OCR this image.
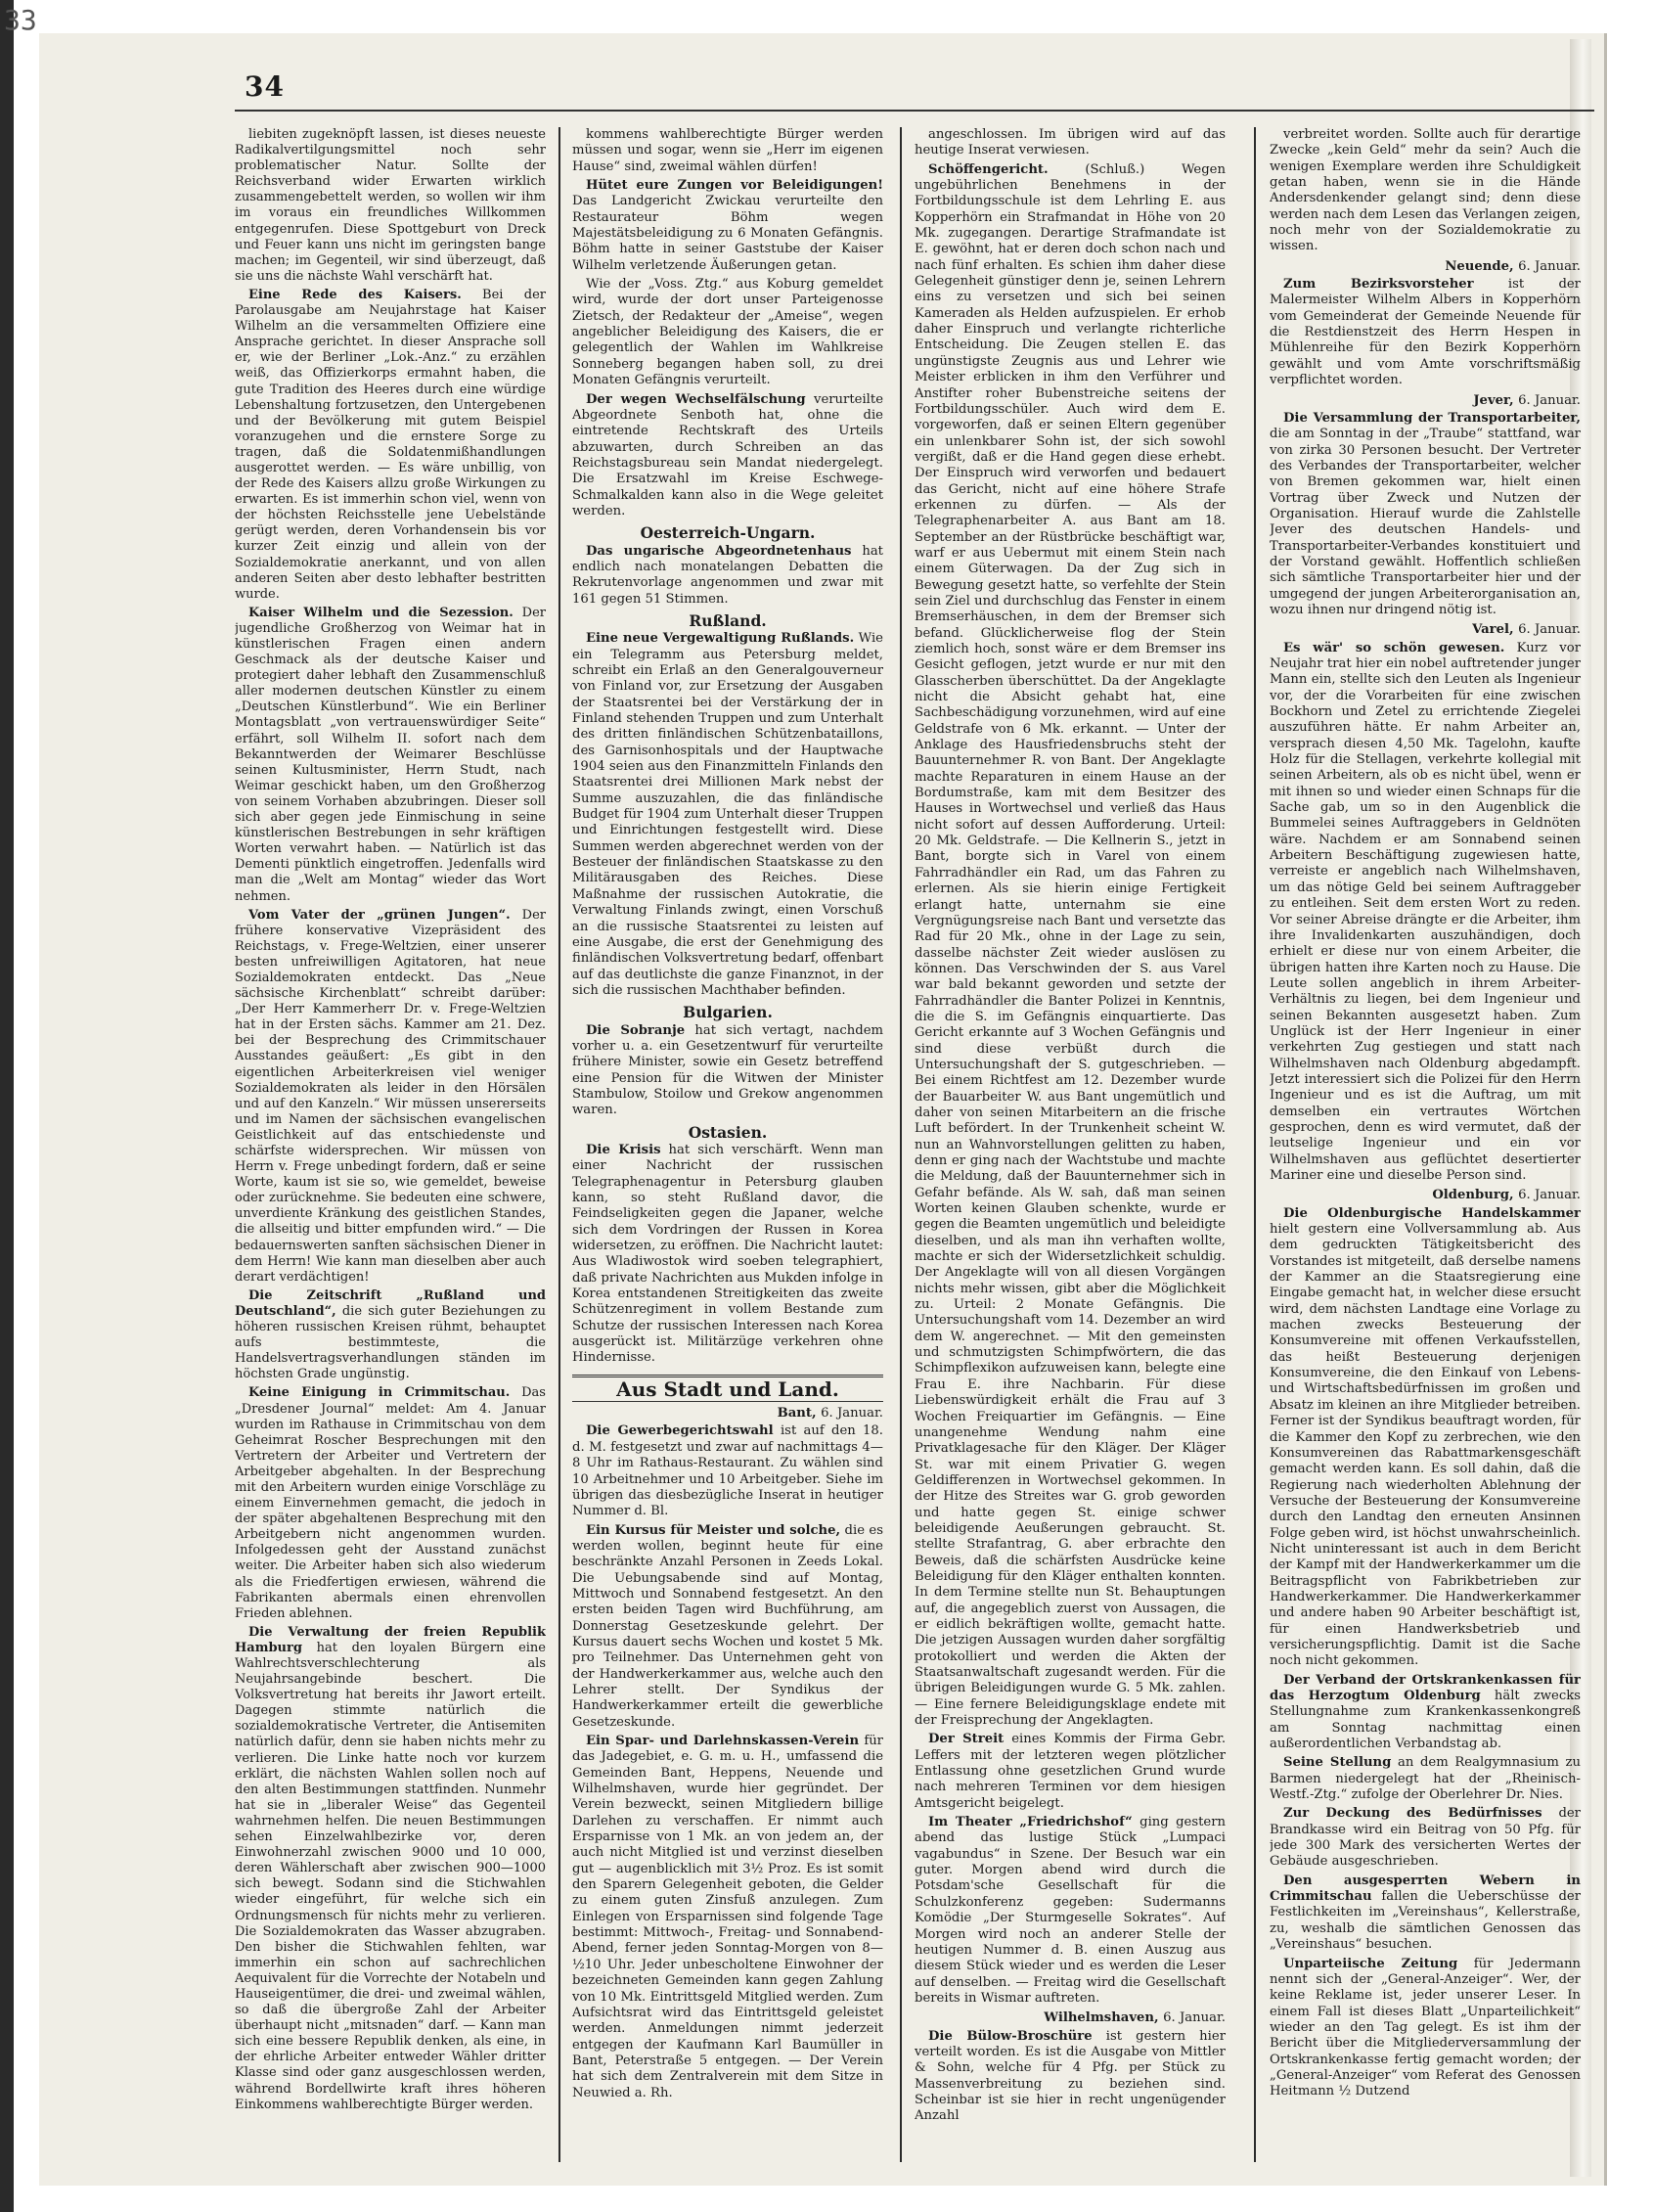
33
34

liebiten zugeknöpft lassen, ist dieses neueste Radikalvertilgungsmittel noch sehr problematischer Natur. Sollte der Reichsverband wider Erwarten wirklich zusammengebettelt werden, so wollen wir ihm im voraus ein freundliches Willkommen entgegenrufen. Diese Spottgeburt von Dreck und Feuer kann uns nicht im geringsten bange machen; im Gegenteil, wir sind überzeugt, daß sie uns die nächste Wahl verschärft hat.

Eine Rede des Kaisers. Bei der Parolausgabe am Neujahrstage hat Kaiser Wilhelm an die versammelten Offiziere eine Ansprache gerichtet. In dieser Ansprache soll er, wie der Berliner „Lok.-Anz.“ zu erzählen weiß, das Offizierkorps ermahnt haben, die gute Tradition des Heeres durch eine würdige Lebenshaltung fortzusetzen, den Untergebenen und der Bevölkerung mit gutem Beispiel voranzugehen und die ernstere Sorge zu tragen, daß die Soldatenmißhandlungen ausgerottet werden. — Es wäre unbillig, von der Rede des Kaisers allzu große Wirkungen zu erwarten. Es ist immerhin schon viel, wenn von der höchsten Reichsstelle jene Uebelstände gerügt werden, deren Vorhandensein bis vor kurzer Zeit einzig und allein von der Sozialdemokratie anerkannt, und von allen anderen Seiten aber desto lebhafter bestritten wurde.

Kaiser Wilhelm und die Sezession. Der jugendliche Großherzog von Weimar hat in künstlerischen Fragen einen andern Geschmack als der deutsche Kaiser und protegiert daher lebhaft den Zusammenschluß aller modernen deutschen Künstler zu einem „Deutschen Künstlerbund“. Wie ein Berliner Montagsblatt „von vertrauenswürdiger Seite“ erfährt, soll Wilhelm II. sofort nach dem Bekanntwerden der Weimarer Beschlüsse seinen Kultusminister, Herrn Studt, nach Weimar geschickt haben, um den Großherzog von seinem Vorhaben abzubringen. Dieser soll sich aber gegen jede Einmischung in seine künstlerischen Bestrebungen in sehr kräftigen Worten verwahrt haben. — Natürlich ist das Dementi pünktlich eingetroffen. Jedenfalls wird man die „Welt am Montag“ wieder das Wort nehmen.

Vom Vater der „grünen Jungen“. Der frühere konservative Vizepräsident des Reichstags, v. Frege-Weltzien, einer unserer besten unfreiwilligen Agitatoren, hat neue Sozialdemokraten entdeckt. Das „Neue sächsische Kirchenblatt“ schreibt darüber: „Der Herr Kammerherr Dr. v. Frege-Weltzien hat in der Ersten sächs. Kammer am 21. Dez. bei der Besprechung des Crimmitschauer Ausstandes geäußert: „Es gibt in den eigentlichen Arbeiterkreisen viel weniger Sozialdemokraten als leider in den Hörsälen und auf den Kanzeln.“ Wir müssen unsererseits und im Namen der sächsischen evangelischen Geistlichkeit auf das entschiedenste und schärfste widersprechen. Wir müssen von Herrn v. Frege unbedingt fordern, daß er seine Worte, kaum ist sie so, wie gemeldet, beweise oder zurücknehme. Sie bedeuten eine schwere, unverdiente Kränkung des geistlichen Standes, die allseitig und bitter empfunden wird.“ — Die bedauernswerten sanften sächsischen Diener in dem Herrn! Wie kann man dieselben aber auch derart verdächtigen!

Die Zeitschrift „Rußland und Deutschland“, die sich guter Beziehungen zu höheren russischen Kreisen rühmt, behauptet aufs bestimmteste, die Handelsvertragsverhandlungen ständen im höchsten Grade ungünstig.

Keine Einigung in Crimmitschau. Das „Dresdener Journal“ meldet: Am 4. Januar wurden im Rathause in Crimmitschau von dem Geheimrat Roscher Besprechungen mit den Vertretern der Arbeiter und Vertretern der Arbeitgeber abgehalten. In der Besprechung mit den Arbeitern wurden einige Vorschläge zu einem Einvernehmen gemacht, die jedoch in der später abgehaltenen Besprechung mit den Arbeitgebern nicht angenommen wurden. Infolgedessen geht der Ausstand zunächst weiter. Die Arbeiter haben sich also wiederum als die Friedfertigen erwiesen, während die Fabrikanten abermals einen ehrenvollen Frieden ablehnen.

Die Verwaltung der freien Republik Hamburg hat den loyalen Bürgern eine Wahlrechtsverschlechterung als Neujahrsangebinde beschert. Die Volksvertretung hat bereits ihr Jawort erteilt. Dagegen stimmte natürlich die sozialdemokratische Vertreter, die Antisemiten natürlich dafür, denn sie haben nichts mehr zu verlieren. Die Linke hatte noch vor kurzem erklärt, die nächsten Wahlen sollen noch auf den alten Bestimmungen stattfinden. Nunmehr hat sie in „liberaler Weise“ das Gegenteil wahrnehmen helfen. Die neuen Bestimmungen sehen Einzelwahlbezirke vor, deren Einwohnerzahl zwischen 9000 und 10 000, deren Wählerschaft aber zwischen 900—1000 sich bewegt. Sodann sind die Stichwahlen wieder eingeführt, für welche sich ein Ordnungsmensch für nichts mehr zu verlieren. Die Sozialdemokraten das Wasser abzugraben. Den bisher die Stichwahlen fehlten, war immerhin ein schon auf sachrechlichen Aequivalent für die Vorrechte der Notabeln und Hauseigentümer, die drei- und zweimal wählen, so daß die übergroße Zahl der Arbeiter überhaupt nicht „mitsnaden“ darf. — Kann man sich eine bessere Republik denken, als eine, in der ehrliche Arbeiter entweder Wähler dritter Klasse sind oder ganz ausgeschlossen werden, während Bordellwirte kraft ihres höheren Einkommens wahlberechtigte Bürger werden.

kommens wahlberechtigte Bürger werden müssen und sogar, wenn sie „Herr im eigenen Hause“ sind, zweimal wählen dürfen!

Hütet eure Zungen vor Beleidigungen! Das Landgericht Zwickau verurteilte den Restaurateur Böhm wegen Majestätsbeleidigung zu 6 Monaten Gefängnis. Böhm hatte in seiner Gaststube der Kaiser Wilhelm verletzende Äußerungen getan.

Wie der „Voss. Ztg.“ aus Koburg gemeldet wird, wurde der dort unser Parteigenosse Zietsch, der Redakteur der „Ameise“, wegen angeblicher Beleidigung des Kaisers, die er gelegentlich der Wahlen im Wahlkreise Sonneberg begangen haben soll, zu drei Monaten Gefängnis verurteilt.

Der wegen Wechselfälschung verurteilte Abgeordnete Senboth hat, ohne die eintretende Rechtskraft des Urteils abzuwarten, durch Schreiben an das Reichstagsbureau sein Mandat niedergelegt. Die Ersatzwahl im Kreise Eschwege-Schmalkalden kann also in die Wege geleitet werden.

Oesterreich-Ungarn.

Das ungarische Abgeordnetenhaus hat endlich nach monatelangen Debatten die Rekrutenvorlage angenommen und zwar mit 161 gegen 51 Stimmen.

Rußland.

Eine neue Vergewaltigung Rußlands. Wie ein Telegramm aus Petersburg meldet, schreibt ein Erlaß an den Generalgouverneur von Finland vor, zur Ersetzung der Ausgaben der Staatsrentei bei der Verstärkung der in Finland stehenden Truppen und zum Unterhalt des dritten finländischen Schützenbataillons, des Garnisonhospitals und der Hauptwache 1904 seien aus den Finanzmitteln Finlands den Staatsrentei drei Millionen Mark nebst der Summe auszuzahlen, die das finländische Budget für 1904 zum Unterhalt dieser Truppen und Einrichtungen festgestellt wird. Diese Summen werden abgerechnet werden von der Besteuer der finländischen Staatskasse zu den Militärausgaben des Reiches. Diese Maßnahme der russischen Autokratie, die Verwaltung Finlands zwingt, einen Vorschuß an die russische Staatsrentei zu leisten auf eine Ausgabe, die erst der Genehmigung des finländischen Volksvertretung bedarf, offenbart auf das deutlichste die ganze Finanznot, in der sich die russischen Machthaber befinden.

Bulgarien.

Die Sobranje hat sich vertagt, nachdem vorher u. a. ein Gesetzentwurf für verurteilte frühere Minister, sowie ein Gesetz betreffend eine Pension für die Witwen der Minister Stambulow, Stoilow und Grekow angenommen waren.

Ostasien.

Die Krisis hat sich verschärft. Wenn man einer Nachricht der russischen Telegraphenagentur in Petersburg glauben kann, so steht Rußland davor, die Feindseligkeiten gegen die Japaner, welche sich dem Vordringen der Russen in Korea widersetzen, zu eröffnen. Die Nachricht lautet: Aus Wladiwostok wird soeben telegraphiert, daß private Nachrichten aus Mukden infolge in Korea entstandenen Streitigkeiten das zweite Schützenregiment in vollem Bestande zum Schutze der russischen Interessen nach Korea ausgerückt ist. Militärzüge verkehren ohne Hindernisse.

Aus Stadt und Land.
Bant, 6. Januar.

Die Gewerbegerichtswahl ist auf den 18. d. M. festgesetzt und zwar auf nachmittags 4—8 Uhr im Rathaus-Restaurant. Zu wählen sind 10 Arbeitnehmer und 10 Arbeitgeber. Siehe im übrigen das diesbezügliche Inserat in heutiger Nummer d. Bl.

Ein Kursus für Meister und solche, die es werden wollen, beginnt heute für eine beschränkte Anzahl Personen in Zeeds Lokal. Die Uebungsabende sind auf Montag, Mittwoch und Sonnabend festgesetzt. An den ersten beiden Tagen wird Buchführung, am Donnerstag Gesetzeskunde gelehrt. Der Kursus dauert sechs Wochen und kostet 5 Mk. pro Teilnehmer. Das Unternehmen geht von der Handwerkerkammer aus, welche auch den Lehrer stellt. Der Syndikus der Handwerkerkammer erteilt die gewerbliche Gesetzeskunde.

Ein Spar- und Darlehnskassen-Verein für das Jadegebiet, e. G. m. u. H., umfassend die Gemeinden Bant, Heppens, Neuende und Wilhelmshaven, wurde hier gegründet. Der Verein bezweckt, seinen Mitgliedern billige Darlehen zu verschaffen. Er nimmt auch Ersparnisse von 1 Mk. an von jedem an, der auch nicht Mitglied ist und verzinst dieselben gut — augenblicklich mit 3½ Proz. Es ist somit den Sparern Gelegenheit geboten, die Gelder zu einem guten Zinsfuß anzulegen. Zum Einlegen von Ersparnissen sind folgende Tage bestimmt: Mittwoch-, Freitag- und Sonnabend-Abend, ferner jeden Sonntag-Morgen von 8—½10 Uhr. Jeder unbescholtene Einwohner der bezeichneten Gemeinden kann gegen Zahlung von 10 Mk. Eintrittsgeld Mitglied werden. Zum Aufsichtsrat wird das Eintrittsgeld geleistet werden. Anmeldungen nimmt jederzeit entgegen der Kaufmann Karl Baumüller in Bant, Peterstraße 5 entgegen. — Der Verein hat sich dem Zentralverein mit dem Sitze in Neuwied a. Rh.

angeschlossen. Im übrigen wird auf das heutige Inserat verwiesen.

Schöffengericht.	(Schluß.) Wegen ungebührlichen Benehmens in der Fortbildungsschule ist dem Lehrling E. aus Kopperhörn ein Strafmandat in Höhe von 20 Mk. zugegangen. Derartige Strafmandate ist E. gewöhnt, hat er deren doch schon nach und nach fünf erhalten. Es schien ihm daher diese Gelegenheit günstiger denn je, seinen Lehrern eins zu versetzen und sich bei seinen Kameraden als Helden aufzuspielen. Er erhob daher Einspruch und verlangte richterliche Entscheidung. Die Zeugen stellen E. das ungünstigste Zeugnis aus und Lehrer wie Meister erblicken in ihm den Verführer und Anstifter roher Bubenstreiche seitens der Fortbildungsschüler. Auch wird dem E. vorgeworfen, daß er seinen Eltern gegenüber ein unlenkbarer Sohn ist, der sich sowohl vergißt, daß er die Hand gegen diese erhebt. Der Einspruch wird verworfen und bedauert das Gericht, nicht auf eine höhere Strafe erkennen zu dürfen. — Als der Telegraphenarbeiter A. aus Bant am 18. September an der Rüstbrücke beschäftigt war, warf er aus Uebermut mit einem Stein nach einem Güterwagen. Da der Zug sich in Bewegung gesetzt hatte, so verfehlte der Stein sein Ziel und durchschlug das Fenster in einem Bremserhäuschen, in dem der Bremser sich befand. Glücklicherweise flog der Stein ziemlich hoch, sonst wäre er dem Bremser ins Gesicht geflogen, jetzt wurde er nur mit den Glasscherben überschüttet. Da der Angeklagte nicht die Absicht gehabt hat, eine Sachbeschädigung vorzunehmen, wird auf eine Geldstrafe von 6 Mk. erkannt. — Unter der Anklage des Hausfriedensbruchs steht der Bauunternehmer R. von Bant. Der Angeklagte machte Reparaturen in einem Hause an der Bordumstraße, kam mit dem Besitzer des Hauses in Wortwechsel und verließ das Haus nicht sofort auf dessen Aufforderung. Urteil: 20 Mk. Geldstrafe. — Die Kellnerin S., jetzt in Bant, borgte sich in Varel von einem Fahrradhändler ein Rad, um das Fahren zu erlernen. Als sie hierin einige Fertigkeit erlangt hatte, unternahm sie eine Vergnügungsreise nach Bant und versetzte das Rad für 20 Mk., ohne in der Lage zu sein, dasselbe nächster Zeit wieder auslösen zu können. Das Verschwinden der S. aus Varel war bald bekannt geworden und setzte der Fahrradhändler die Banter Polizei in Kenntnis, die die S. im Gefängnis einquartierte. Das Gericht erkannte auf 3 Wochen Gefängnis und sind diese verbüßt durch die Untersuchungshaft der S. gutgeschrieben. — Bei einem Richtfest am 12. Dezember wurde der Bauarbeiter W. aus Bant ungemütlich und daher von seinen Mitarbeitern an die frische Luft befördert. In der Trunkenheit scheint W. nun an Wahnvorstellungen gelitten zu haben, denn er ging nach der Wachtstube und machte die Meldung, daß der Bauunternehmer sich in Gefahr befände. Als W. sah, daß man seinen Worten keinen Glauben schenkte, wurde er gegen die Beamten ungemütlich und beleidigte dieselben, und als man ihn verhaften wollte, machte er sich der Widersetzlichkeit schuldig. Der Angeklagte will von all diesen Vorgängen nichts mehr wissen, gibt aber die Möglichkeit zu. Urteil: 2 Monate Gefängnis. Die Untersuchungshaft vom 14. Dezember an wird dem W. angerechnet. — Mit den gemeinsten und schmutzigsten Schimpfwörtern, die das Schimpflexikon aufzuweisen kann, belegte eine Frau E. ihre Nachbarin. Für diese Liebenswürdigkeit erhält die Frau auf 3 Wochen Freiquartier im Gefängnis. — Eine unangenehme Wendung nahm eine Privatklagesache für den Kläger. Der Kläger St. war mit einem Privatier G. wegen Geldifferenzen in Wortwechsel gekommen. In der Hitze des Streites war G. grob geworden und hatte gegen St. einige schwer beleidigende Aeußerungen gebraucht. St. stellte Strafantrag, G. aber erbrachte den Beweis, daß die schärfsten Ausdrücke keine Beleidigung für den Kläger enthalten konnten. In dem Termine stellte nun St. Behauptungen auf, die angegeblich zuerst von Aussagen, die er eidlich bekräftigen wollte, gemacht hatte. Die jetzigen Aussagen wurden daher sorgfältig protokolliert und werden die Akten der Staatsanwaltschaft zugesandt werden. Für die übrigen Beleidigungen wurde G. 5 Mk. zahlen. — Eine fernere Beleidigungsklage endete mit der Freisprechung der Angeklagten.

Der Streit eines Kommis der Firma Gebr. Leffers mit der letzteren wegen plötzlicher Entlassung ohne gesetzlichen Grund wurde nach mehreren Terminen vor dem hiesigen Amtsgericht beigelegt.

Im Theater „Friedrichshof“ ging gestern abend das lustige Stück „Lumpaci vagabundus“ in Szene. Der Besuch war ein guter. Morgen abend wird durch die Potsdam'sche Gesellschaft für die Schulzkonferenz gegeben: Sudermanns Komödie „Der Sturmgeselle Sokrates“. Auf Morgen wird noch an anderer Stelle der heutigen Nummer d. B. einen Auszug aus diesem Stück wieder und es werden die Leser auf denselben. — Freitag wird die Gesellschaft bereits in Wismar auftreten.

Wilhelmshaven, 6. Januar.

Die Bülow-Broschüre ist gestern hier verteilt worden. Es ist die Ausgabe von Mittler & Sohn, welche für 4 Pfg. per Stück zu Massenverbreitung zu beziehen sind. Scheinbar ist sie hier in recht ungenügender Anzahl

verbreitet worden. Sollte auch für derartige Zwecke „kein Geld“ mehr da sein? Auch die wenigen Exemplare werden ihre Schuldigkeit getan haben, wenn sie in die Hände Andersdenkender gelangt sind; denn diese werden nach dem Lesen das Verlangen zeigen, noch mehr von der Sozialdemokratie zu wissen.

Neuende, 6. Januar.

Zum Bezirksvorsteher	ist der Malermeister Wilhelm Albers in Kopperhörn vom Gemeinderat der Gemeinde Neuende für die Restdienstzeit des Herrn Hespen in Mühlenreihe für den Bezirk Kopperhörn gewählt und vom Amte vorschriftsmäßig verpflichtet worden.

Jever, 6. Januar.

Die Versammlung der Transportarbeiter, die am Sonntag in der „Traube“ stattfand, war von zirka 30 Personen besucht. Der Vertreter des Verbandes der Transportarbeiter, welcher von Bremen gekommen war, hielt einen Vortrag über Zweck und Nutzen der Organisation. Hierauf wurde die Zahlstelle Jever des deutschen Handels- und Transportarbeiter-Verbandes konstituiert und der Vorstand gewählt. Hoffentlich schließen sich sämtliche Transportarbeiter hier und der umgegend der jungen Arbeiterorganisation an, wozu ihnen nur dringend nötig ist.

Varel, 6. Januar.

Es wär' so schön gewesen. Kurz vor Neujahr trat hier ein nobel auftretender junger Mann ein, stellte sich den Leuten als Ingenieur vor, der die Vorarbeiten für eine zwischen Bockhorn und Zetel zu errichtende Ziegelei auszuführen hätte. Er nahm Arbeiter an, versprach diesen 4,50 Mk. Tagelohn, kaufte Holz für die Stellagen, verkehrte kollegial mit seinen Arbeitern, als ob es nicht übel, wenn er mit ihnen so und wieder einen Schnaps für die Sache gab, um so in den Augenblick die Bummelei seines Auftraggebers in Geldnöten wäre. Nachdem er am Sonnabend seinen Arbeitern Beschäftigung zugewiesen hatte, verreiste er angeblich nach Wilhelmshaven, um das nötige Geld bei seinem Auftraggeber zu entleihen. Seit dem ersten Wort zu reden. Vor seiner Abreise drängte er die Arbeiter, ihm ihre Invalidenkarten auszuhändigen, doch erhielt er diese nur von einem Arbeiter, die übrigen hatten ihre Karten noch zu Hause. Die Leute sollen angeblich in ihrem Arbeiter-Verhältnis zu liegen, bei dem Ingenieur und seinen Bekannten ausgesetzt haben. Zum Unglück ist der Herr Ingenieur in einer verkehrten Zug gestiegen und statt nach Wilhelmshaven nach Oldenburg abgedampft. Jetzt interessiert sich die Polizei für den Herrn Ingenieur und es ist die Auftrag, um mit demselben ein vertrautes Wörtchen gesprochen, denn es wird vermutet, daß der leutselige Ingenieur und ein vor Wilhelmshaven aus geflüchtet desertierter Mariner eine und dieselbe Person sind.

Oldenburg, 6. Januar.

Die Oldenburgische Handelskammer hielt gestern eine Vollversammlung ab. Aus dem gedruckten Tätigkeitsbericht des Vorstandes ist mitgeteilt, daß derselbe namens der Kammer an die Staatsregierung eine Eingabe gemacht hat, in welcher diese ersucht wird, dem nächsten Landtage eine Vorlage zu machen zwecks Besteuerung der Konsumvereine mit offenen Verkaufsstellen, das heißt Besteuerung derjenigen Konsumvereine, die den Einkauf von Lebens- und Wirtschaftsbedürfnissen im großen und Absatz im kleinen an ihre Mitglieder betreiben. Ferner ist der Syndikus beauftragt worden, für die Kammer den Kopf zu zerbrechen, wie den Konsumvereinen das Rabattmarkensgeschäft gemacht werden kann. Es soll dahin, daß die Regierung nach wiederholten Ablehnung der Versuche der Besteuerung der Konsumvereine durch den Landtag den erneuten Ansinnen Folge geben wird, ist höchst unwahrscheinlich. Nicht uninteressant ist auch in dem Bericht der Kampf mit der Handwerkerkammer um die Beitragspflicht von Fabrikbetrieben zur Handwerkerkammer. Die Handwerkerkammer und andere haben 90 Arbeiter beschäftigt ist, für einen Handwerksbetrieb und versicherungspflichtig. Damit ist die Sache noch nicht gekommen.

Der Verband der Ortskrankenkassen für das Herzogtum Oldenburg hält zwecks Stellungnahme zum Krankenkassenkongreß am Sonntag nachmittag einen außerordentlichen Verbandstag ab.

Seine Stellung an dem Realgymnasium zu Barmen niedergelegt hat der „Rheinisch-Westf.-Ztg.“ zufolge der Oberlehrer Dr. Nies.

Zur Deckung des Bedürfnisses der Brandkasse wird ein Beitrag von 50 Pfg. für jede 300 Mark des versicherten Wertes der Gebäude ausgeschrieben.

Den ausgesperrten Webern in Crimmitschau fallen die Ueberschüsse der Festlichkeiten im „Vereinshaus“, Kellerstraße, zu, weshalb die sämtlichen Genossen das „Vereinshaus“ besuchen.

Unparteiische Zeitung für Jedermann nennt sich der „General-Anzeiger“. Wer, der keine Reklame ist, jeder unserer Leser. In einem Fall ist dieses Blatt „Unparteilichkeit“ wieder an den Tag gelegt. Es ist ihm der Bericht über die Mitgliederversammlung der Ortskrankenkasse fertig gemacht worden; der „General-Anzeiger“ vom Referat des Genossen Heitmann ½ Dutzend
